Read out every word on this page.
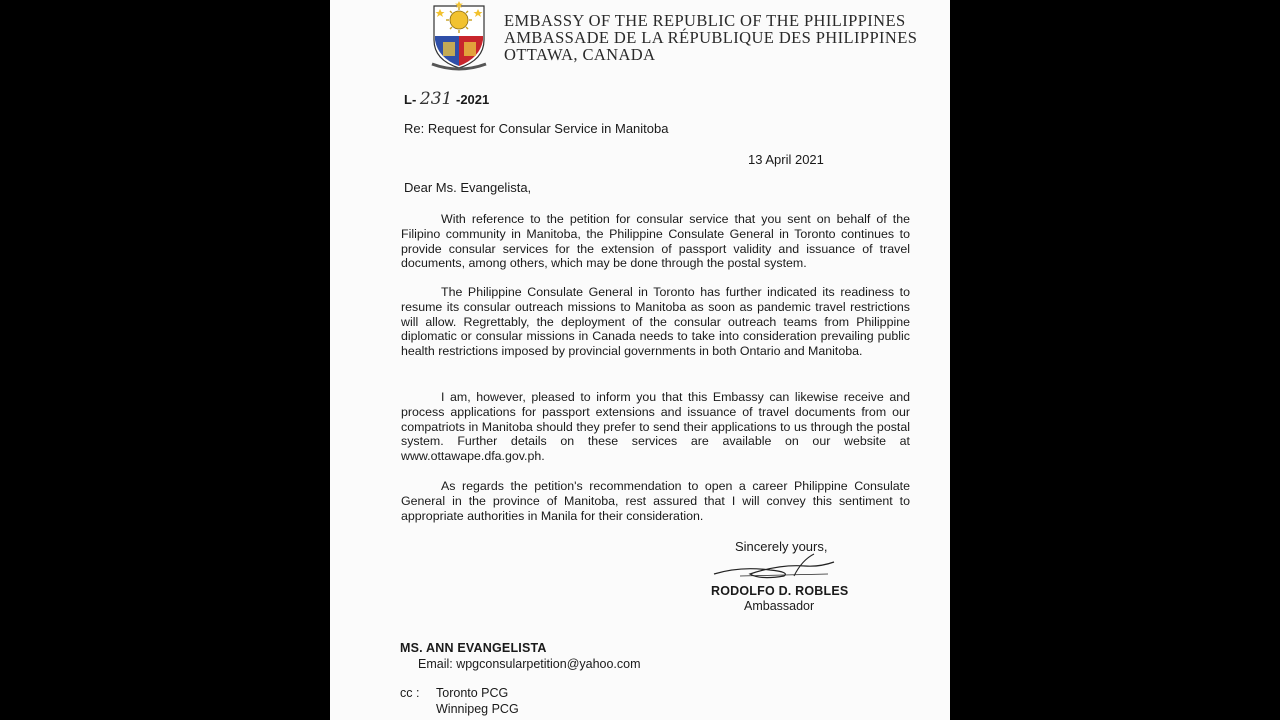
EMBASSY OF THE REPUBLIC OF THE PHILIPPINES
AMBASSADE DE LA RÉPUBLIQUE DES PHILIPPINES
OTTAWA, CANADA
L- 231 -2021
Re: Request for Consular Service in Manitoba
13 April 2021
Dear Ms. Evangelista,

With reference to the petition for consular service that you sent on behalf of the Filipino community in Manitoba, the Philippine Consulate General in Toronto continues to provide consular services for the extension of passport validity and issuance of travel documents, among others, which may be done through the postal system.

The Philippine Consulate General in Toronto has further indicated its readiness to resume its consular outreach missions to Manitoba as soon as pandemic travel restrictions will allow. Regrettably, the deployment of the consular outreach teams from Philippine diplomatic or consular missions in Canada needs to take into consideration prevailing public health restrictions imposed by provincial governments in both Ontario and Manitoba.

I am, however, pleased to inform you that this Embassy can likewise receive and process applications for passport extensions and issuance of travel documents from our compatriots in Manitoba should they prefer to send their applications to us through the postal system. Further details on these services are available on our website at www.ottawape.dfa.gov.ph.

As regards the petition's recommendation to open a career Philippine Consulate General in the province of Manitoba, rest assured that I will convey this sentiment to appropriate authorities in Manila for their consideration.

Sincerely yours,
RODOLFO D. ROBLES
Ambassador
MS. ANN EVANGELISTA
Email: wpgconsularpetition@yahoo.com
cc : Toronto PCG
Winnipeg PCG
